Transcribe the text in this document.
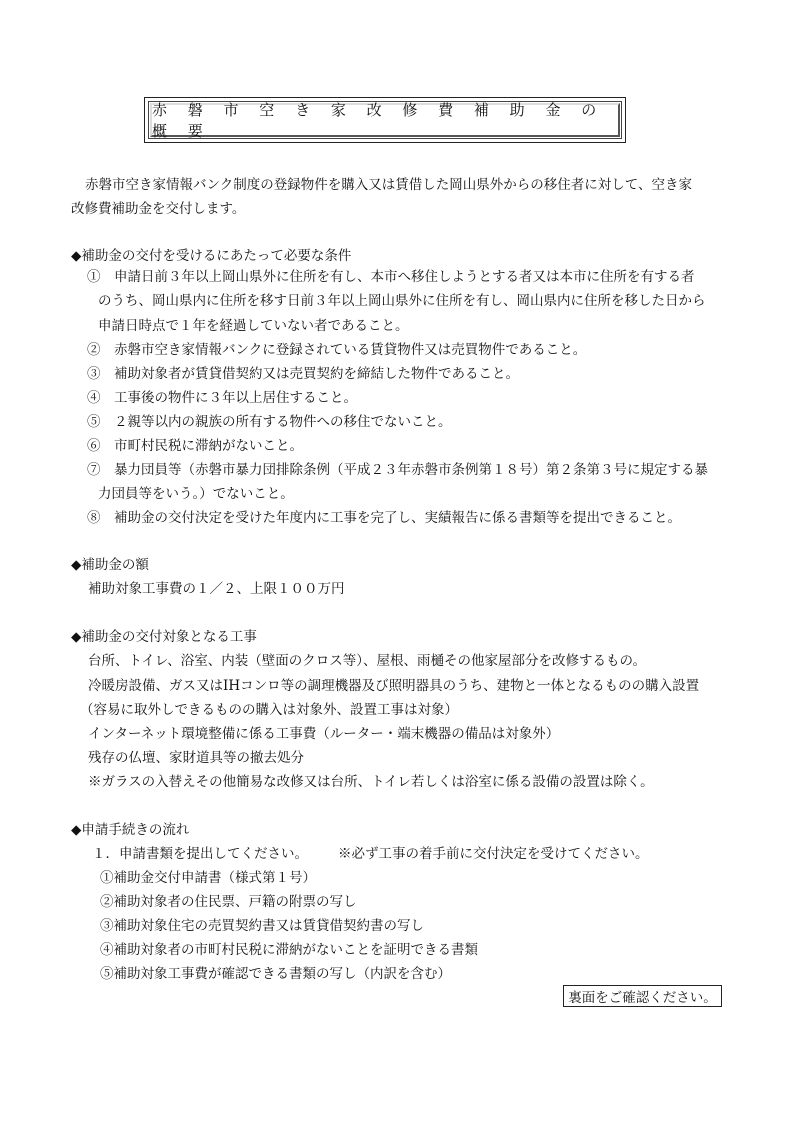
赤 磐 市 空 き 家 改 修 費 補 助 金 の 概 要
赤磐市空き家情報バンク制度の登録物件を購入又は賃借した岡山県外からの移住者に対して、空き家
改修費補助金を交付します。
◆補助金の交付を受けるにあたって必要な条件
①　申請日前３年以上岡山県外に住所を有し、本市へ移住しようとする者又は本市に住所を有する者
のうち、岡山県内に住所を移す日前３年以上岡山県外に住所を有し、岡山県内に住所を移した日から
申請日時点で１年を経過していない者であること。
②　赤磐市空き家情報バンクに登録されている賃貸物件又は売買物件であること。
③　補助対象者が賃貸借契約又は売買契約を締結した物件であること。
④　工事後の物件に３年以上居住すること。
⑤　２親等以内の親族の所有する物件への移住でないこと。
⑥　市町村民税に滞納がないこと。
⑦　暴力団員等（赤磐市暴力団排除条例（平成２３年赤磐市条例第１８号）第２条第３号に規定する暴
力団員等をいう。）でないこと。
⑧　補助金の交付決定を受けた年度内に工事を完了し、実績報告に係る書類等を提出できること。
◆補助金の額
補助対象工事費の１／２、上限１００万円
◆補助金の交付対象となる工事
台所、トイレ、浴室、内装（壁面のクロス等）、屋根、雨樋その他家屋部分を改修するもの。
冷暖房設備、ガス又はIHコンロ等の調理機器及び照明器具のうち、建物と一体となるものの購入設置
（容易に取外しできるものの購入は対象外、設置工事は対象）
インターネット環境整備に係る工事費（ルーター・端末機器の備品は対象外）
残存の仏壇、家財道具等の撤去処分
※ガラスの入替えその他簡易な改修又は台所、トイレ若しくは浴室に係る設備の設置は除く。
◆申請手続きの流れ
１．申請書類を提出してください。 ※必ず工事の着手前に交付決定を受けてください。
①補助金交付申請書（様式第１号）
②補助対象者の住民票、戸籍の附票の写し
③補助対象住宅の売買契約書又は賃貸借契約書の写し
④補助対象者の市町村民税に滞納がないことを証明できる書類
⑤補助対象工事費が確認できる書類の写し（内訳を含む）
裏面をご確認ください。
